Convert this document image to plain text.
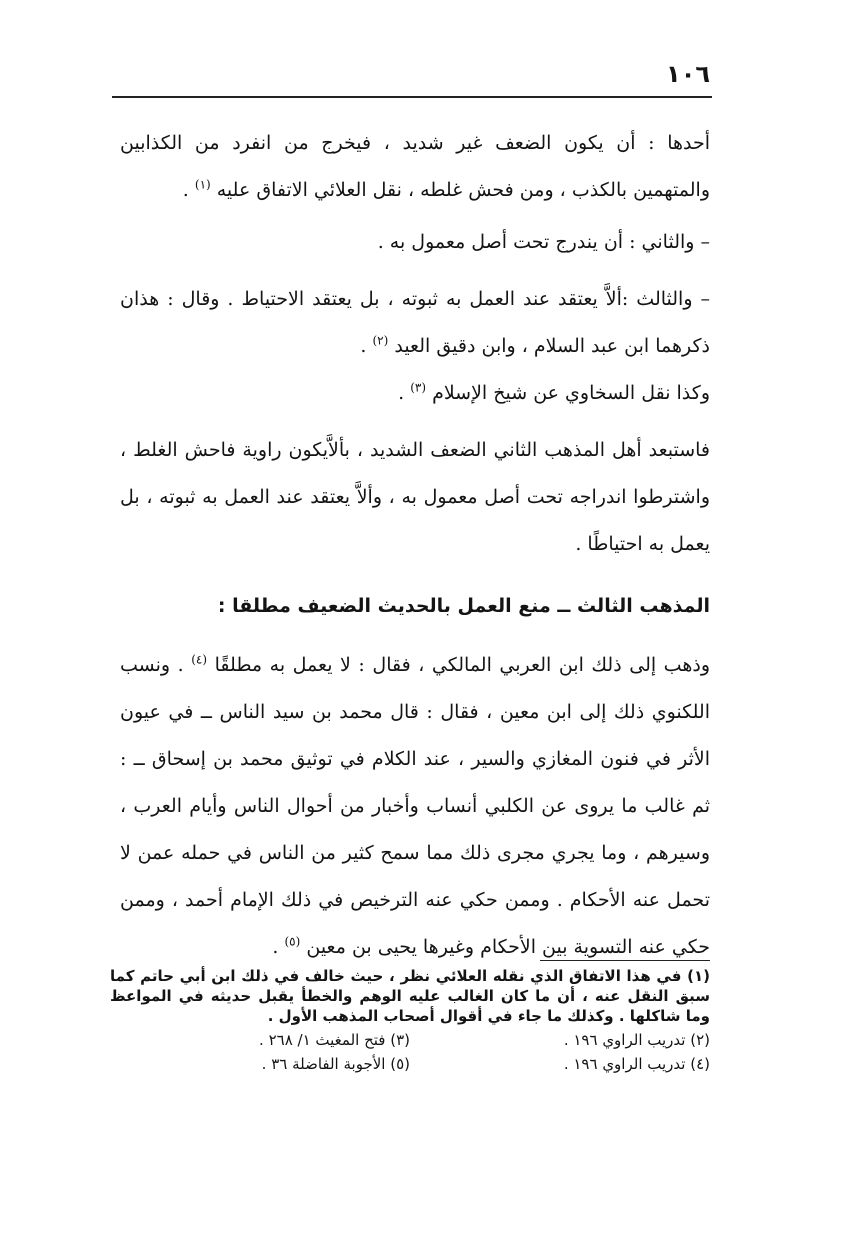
١٠٦

أحدها : أن يكون الضعف غير شديد ، فيخرج من انفرد من الكذابين والمتهمين بالكذب ، ومن فحش غلطه ، نقل العلائي الاتفاق عليه $^{(١)}$ .

– والثاني : أن يندرج تحت أصل معمول به .

– والثالث :ألاَّ يعتقد عند العمل به ثبوته ، بل يعتقد الاحتياط . وقال : هذان ذكرهما ابن عبد السلام ، وابن دقيق العيد $^{(٢)}$ .

وكذا نقل السخاوي عن شيخ الإسلام $^{(٣)}$ .

فاستبعد أهل المذهب الثاني الضعف الشديد ، بألاَّيكون راوية فاحش الغلط ، واشترطوا اندراجه تحت أصل معمول به ، وألاَّ يعتقد عند العمل به ثبوته ، بل يعمل به احتياطًا .

المذهب الثالث ــ منع العمل بالحديث الضعيف مطلقا :

وذهب إلى ذلك ابن العربي المالكي ، فقال : لا يعمل به مطلقًا $^{(٤)}$ . ونسب اللكنوي ذلك إلى ابن معين ، فقال : قال محمد بن سيد الناس ــ في عيون الأثر في فنون المغازي والسير ، عند الكلام في توثيق محمد بن إسحاق ــ : ثم غالب ما يروى عن الكلبي أنساب وأخبار من أحوال الناس وأيام العرب ، وسيرهم ، وما يجري مجرى ذلك مما سمح كثير من الناس في حمله عمن لا تحمل عنه الأحكام . وممن حكي عنه الترخيص في ذلك الإمام أحمد ، وممن حكي عنه التسوية بين الأحكام وغيرها يحيى بن معين $^{(٥)}$ .

(١) في هذا الاتفاق الذي نقله العلائي نظر ، حيث خالف في ذلك ابن أبي حاتم كما سبق النقل عنه ، أن ما كان الغالب عليه الوهم والخطأ يقبل حديثه في المواعظ وما شاكلها . وكذلك ما جاء في أقوال أصحاب المذهب الأول .

(٢) تدريب الراوي ١٩٦ .
(٣) فتح المغيث ١/ ٢٦٨ .
(٤) تدريب الراوي ١٩٦ .
(٥) الأجوبة الفاضلة ٣٦ .
